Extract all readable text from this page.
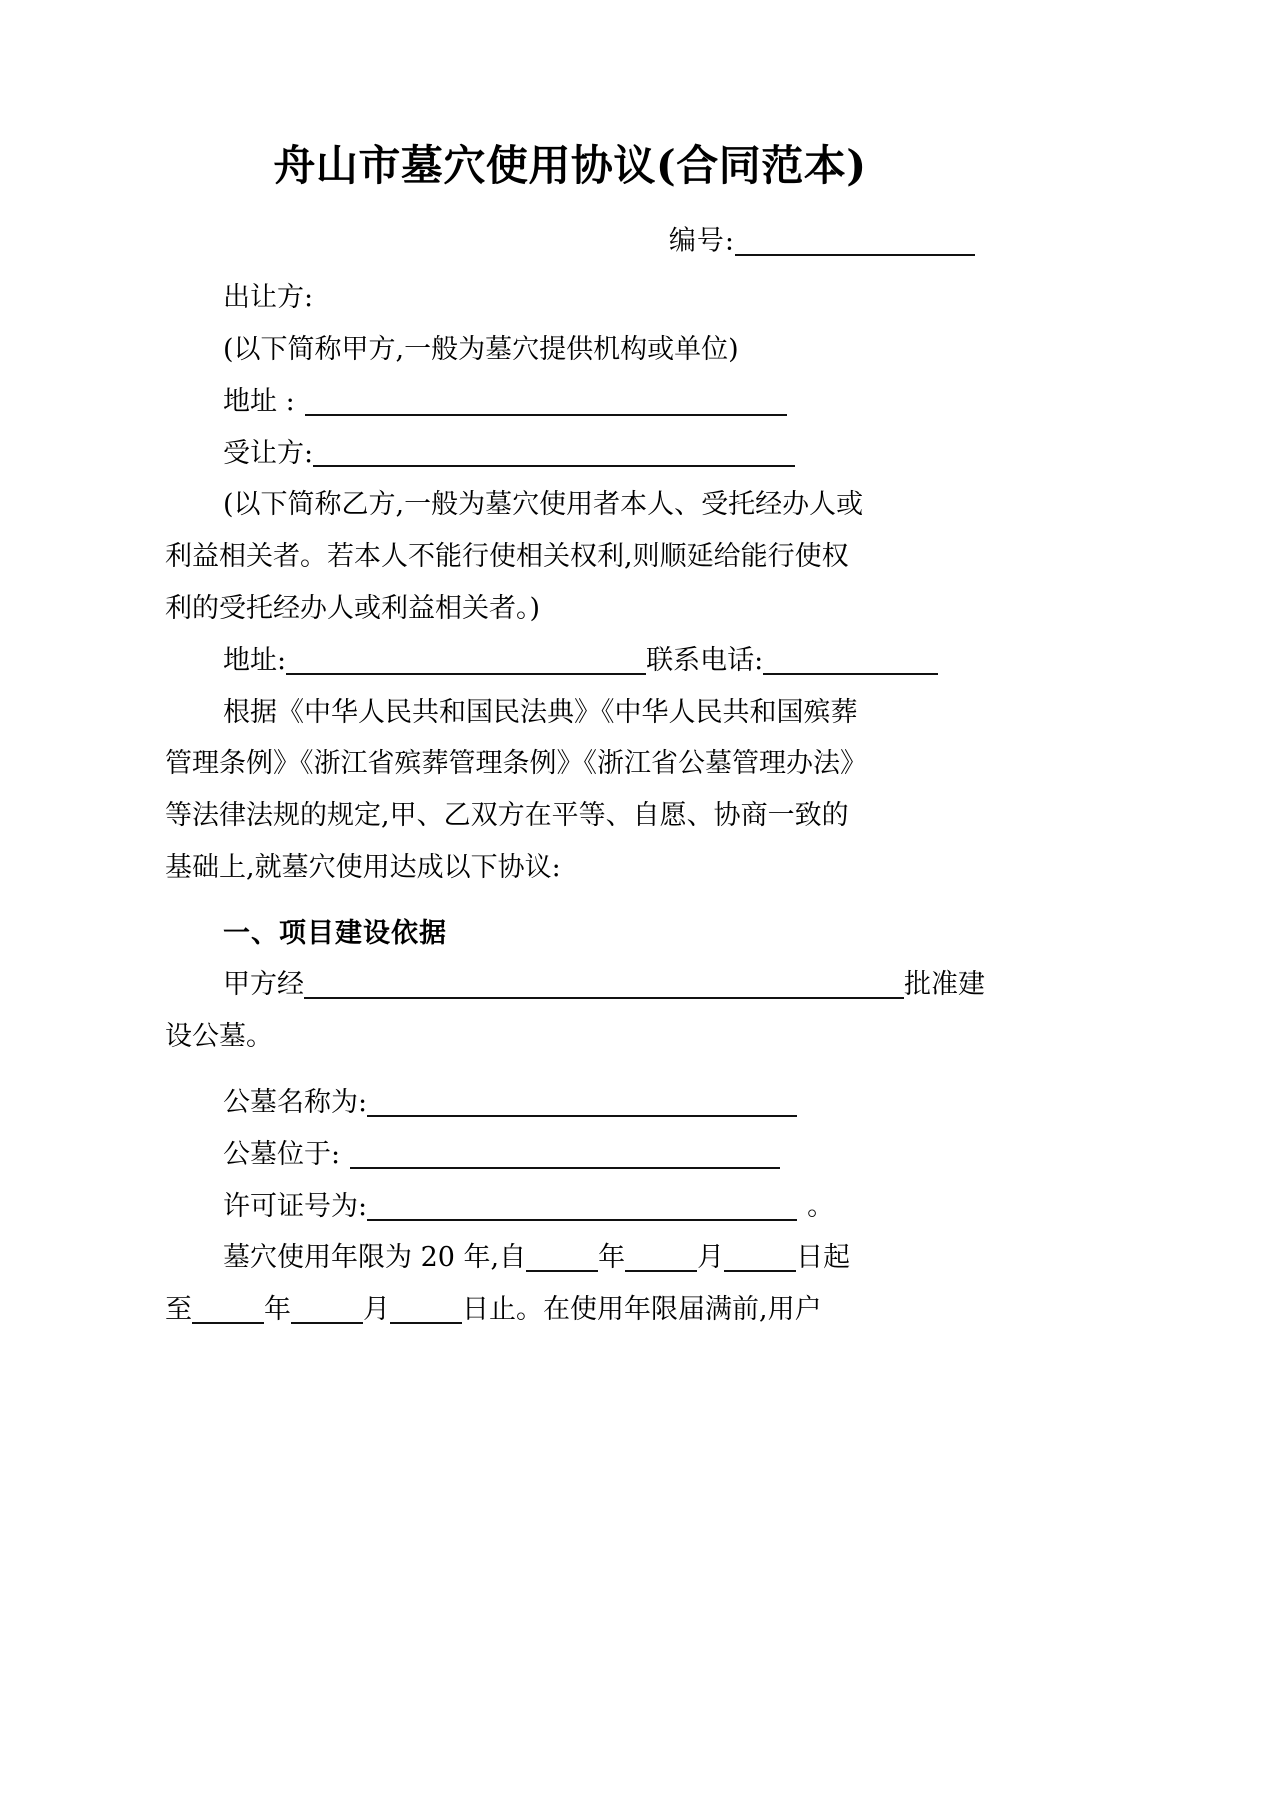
舟山市墓穴使用协议(合同范本)
编号:
出让方:
(以下简称甲方,一般为墓穴提供机构或单位)
地址 :
受让方:
(以下简称乙方,一般为墓穴使用者本人、受托经办人或
利益相关者。若本人不能行使相关权利,则顺延给能行使权
利的受托经办人或利益相关者。)
地址:	联系电话:
根据《中华人民共和国民法典》《中华人民共和国殡葬
管理条例》《浙江省殡葬管理条例》《浙江省公墓管理办法》
等法律法规的规定,甲、乙双方在平等、自愿、协商一致的
基础上,就墓穴使用达成以下协议:
一、项目建设依据
甲方经	批准建
设公墓。
公墓名称为:
公墓位于:
许可证号为:	。
墓穴使用年限为 20 年,自	年	月	日起
至	年	月	日止。在使用年限届满前,用户
